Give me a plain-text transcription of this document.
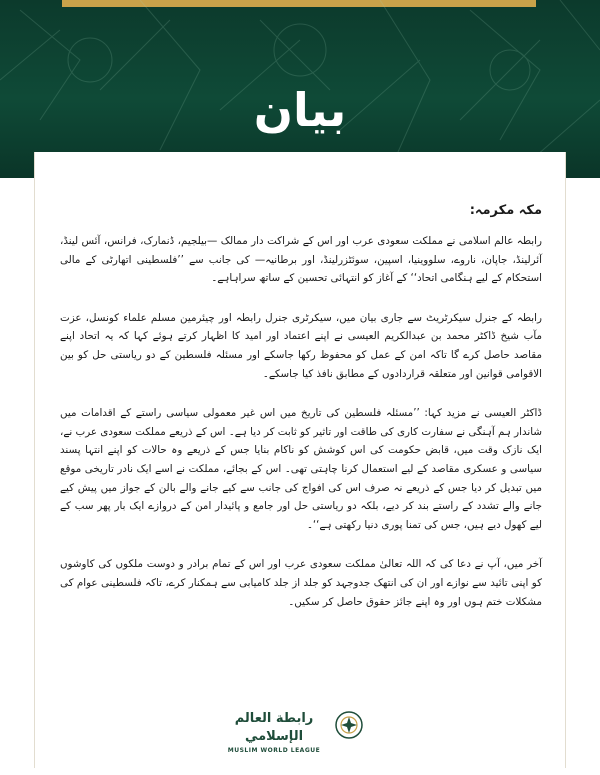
بیان
مکہ مکرمہ:

رابطہ عالم اسلامی نے مملکت سعودی عرب اور اس کے شراکت دار ممالک —بیلجیم، ڈنمارک، فرانس، آئس لینڈ، آئرلینڈ، جاپان، ناروے، سلووینیا، اسپین، سوئٹزرلینڈ، اور برطانیہ— کی جانب سے ’’فلسطینی اتھارٹی کے مالی استحکام کے لیے ہنگامی اتحاد‘‘ کے آغاز کو انتہائی تحسین کے ساتھ سراہاہے۔

رابطہ کے جنرل سیکرٹریٹ سے جاری بیان میں، سیکرٹری جنرل رابطہ اور چیئرمین مسلم علماء کونسل، عزت مآب شیخ ڈاکٹر محمد بن عبدالکریم العیسی نے اپنے اعتماد اور امید کا اظہار کرتے ہوئے کہا کہ یہ اتحاد اپنے مقاصد حاصل کرے گا تاکہ امن کے عمل کو محفوظ رکھا جاسکے اور مسئلہ فلسطین کے دو ریاستی حل کو بین الاقوامی قوانین اور متعلقہ قراردادوں کے مطابق نافذ کیا جاسکے۔

ڈاکٹر العیسی نے مزید کہا: ’’مسئلہ فلسطین کی تاریخ میں اس غیر معمولی سیاسی راستے کے اقدامات میں شاندار ہم آہنگی نے سفارت کاری کی طاقت اور تاثیر کو ثابت کر دیا ہے۔ اس کے ذریعے مملکت سعودی عرب نے، ایک نازک وقت میں، قابض حکومت کی اس کوشش کو ناکام بنایا جس کے ذریعے وہ حالات کو اپنے انتہا پسند سیاسی و عسکری مقاصد کے لیے استعمال کرنا چاہتی تھی۔ اس کے بجائے، مملکت نے اسے ایک نادر تاریخی موقع میں تبدیل کر دیا جس کے ذریعے نہ صرف اس کی افواج کی جانب سے کیے جانے والے بالن کے جواز میں پیش کیے جانے والے تشدد کے راستے بند کر دیے، بلکہ دو ریاستی حل اور جامع و پائیدار امن کے دروازے ایک بار پھر سب کے لیے کھول دیے ہیں، جس کی تمنا پوری دنیا رکھتی ہے‘‘۔

آخر میں، آپ نے دعا کی کہ اللہ تعالیٰ مملکت سعودی عرب اور اس کے تمام برادر و دوست ملکوں کی کاوشوں کو اپنی تائید سے نوازے اور ان کی انتھک جدوجہد کو جلد از جلد کامیابی سے ہمکنار کرے، تاکہ فلسطینی عوام کی مشکلات ختم ہوں اور وہ اپنے جائز حقوق حاصل کر سکیں۔

رابطة العالم الإسلامي
MUSLIM WORLD LEAGUE
